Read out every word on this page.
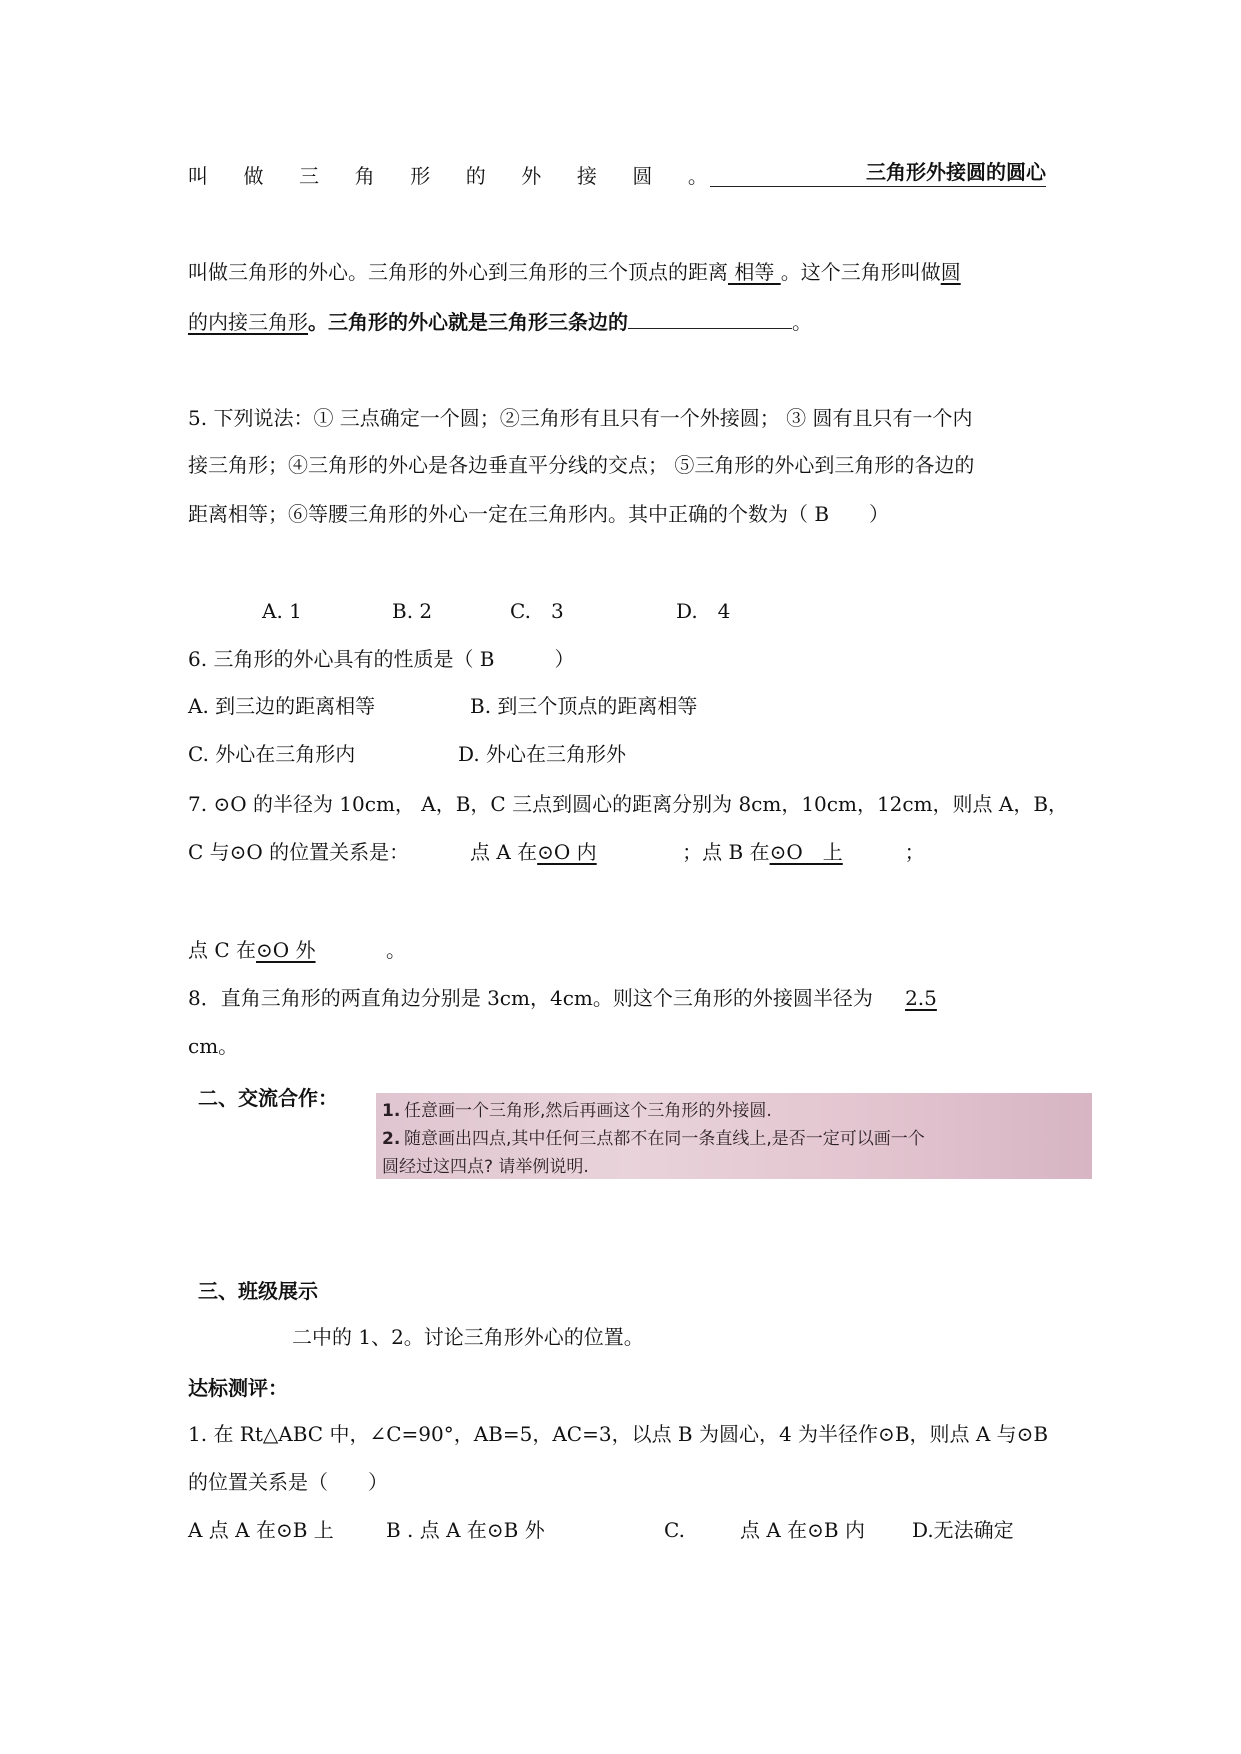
叫 做 三 角 形 的 外 接 圆 。	三角形外接圆的圆心
叫做三角形的外心。三角形的外心到三角形的三个顶点的距离 相等 。这个三角形叫做圆
的内接三角形。三角形的外心就是三角形三条边的	。
5. 下列说法：① 三点确定一个圆；②三角形有且只有一个外接圆； ③ 圆有且只有一个内
接三角形；④三角形的外心是各边垂直平分线的交点； ⑤三角形的外心到三角形的各边的
距离相等；⑥等腰三角形的外心一定在三角形内。其中正确的个数为（ B　　）
A. 1	B. 2	C.　3	D.　4
6. 三角形的外心具有的性质是（ B　　　）
A. 到三边的距离相等	B. 到三个顶点的距离相等
C. 外心在三角形内	D. 外心在三角形外
7. ⊙O 的半径为 10cm， A，B，C 三点到圆心的距离分别为 8cm，10cm，12cm，则点 A，B，
C 与⊙O 的位置关系是：	点 A 在⊙O 内	；点 B 在⊙O　上	；
点 C 在⊙O 外	。
8．直角三角形的两直角边分别是 3cm，4cm。则这个三角形的外接圆半径为2.5
cm。
二、交流合作：
1. 任意画一个三角形,然后再画这个三角形的外接圆.
2. 随意画出四点,其中任何三点都不在同一条直线上,是否一定可以画一个
圆经过这四点? 请举例说明.
三、班级展示
二中的 1、2。讨论三角形外心的位置。
达标测评：
1. 在 Rt△ABC 中，∠C=90°，AB=5，AC=3，以点 B 为圆心，4 为半径作⊙B，则点 A 与⊙B
的位置关系是（　　）
A 点 A 在⊙B 上	B . 点 A 在⊙B 外	C.	点 A 在⊙B 内 D.无法确定
